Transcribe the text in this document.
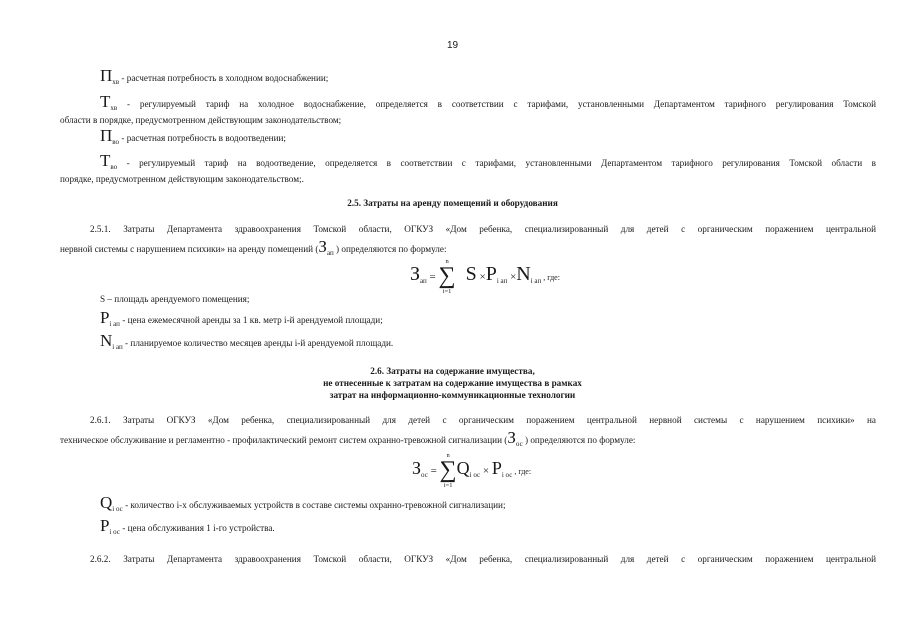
19
$П_{хв}$ - расчетная потребность в холодном водоснабжении;
$Т_{хв}$ - регулируемый тариф на холодное водоснабжение, определяется в соответствии с тарифами, установленными Департаментом тарифного регулирования Томской
области в порядке, предусмотренном действующим законодательством;
$П_{во}$ - расчетная потребность в водоотведении;
$Т_{во}$ - регулируемый тариф на водоотведение, определяется в соответствии с тарифами, установленными Департаментом тарифного регулирования Томской области в
порядке, предусмотренном действующим законодательством;.
2.5. Затраты на аренду помещений и оборудования
2.5.1. Затраты Департамента здравоохранения Томской области, ОГКУЗ «Дом ребенка, специализированный для детей с органическим поражением центральной
нервной системы с нарушением психики» на аренду помещений ($З_{ап}$ ) определяются по формуле:
Зап =
n
∑
i=1
S ×Pi ап ×Ni ап , где:
S – площадь арендуемого помещения;
$P_{i ап}$ - цена ежемесячной аренды за 1 кв. метр i-й арендуемой площади;
$N_{i ап}$ - планируемое количество месяцев аренды i-й арендуемой площади.
2.6. Затраты на содержание имущества,
не отнесенные к затратам на содержание имущества в рамках
затрат на информационно-коммуникационные технологии
2.6.1. Затраты ОГКУЗ «Дом ребенка, специализированный для детей с органическим поражением центральной нервной системы с нарушением психики» на
техническое обслуживание и регламентно - профилактический ремонт систем охранно-тревожной сигнализации ($З_{ос}$ ) определяются по формуле:
Зос =
n
∑
i=1
Qi ос × Pi ос , где:
$Q_{i ос}$ - количество i-х обслуживаемых устройств в составе системы охранно-тревожной сигнализации;
$P_{i ос}$ - цена обслуживания 1 i-го устройства.
2.6.2. Затраты Департамента здравоохранения Томской области, ОГКУЗ «Дом ребенка, специализированный для детей с органическим поражением центральной
